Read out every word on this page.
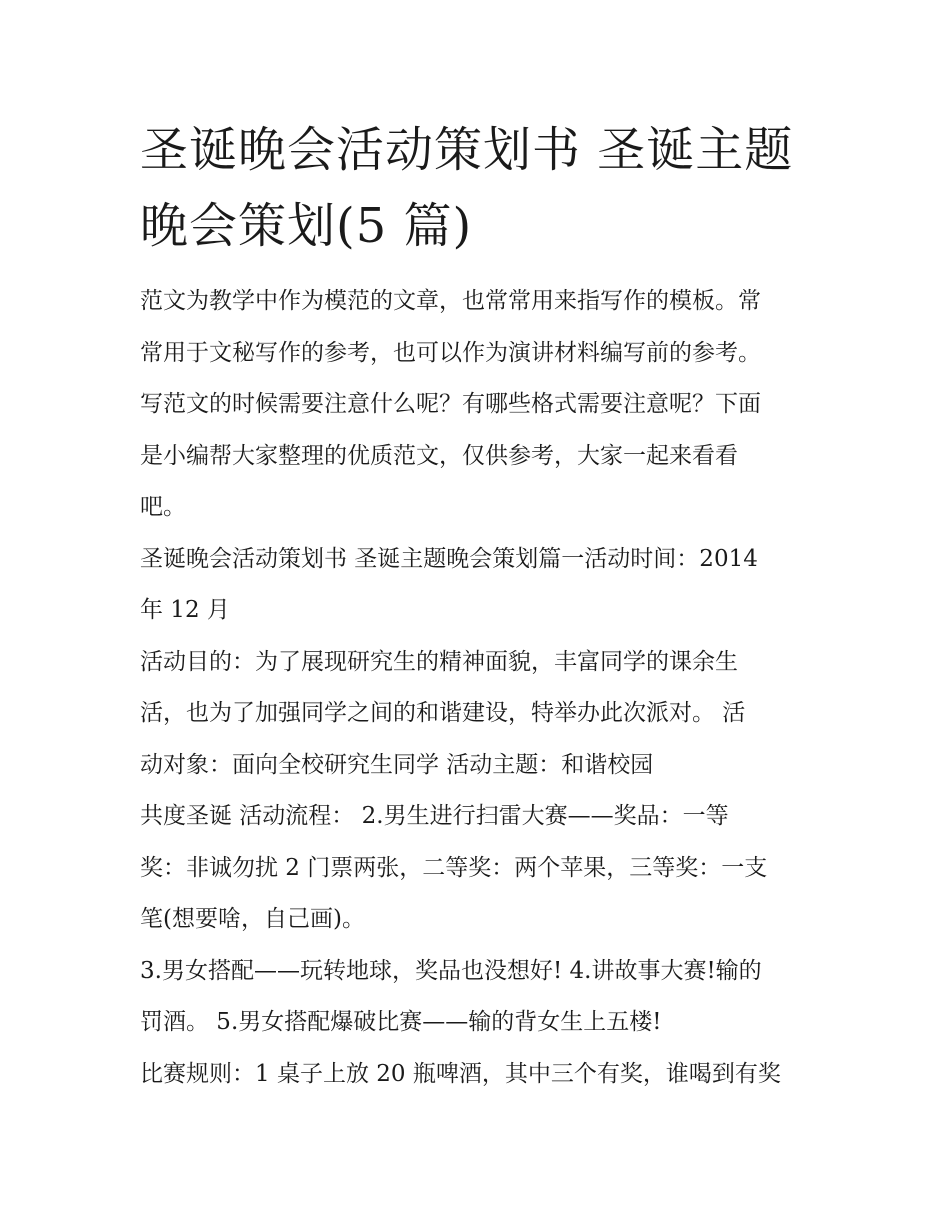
圣诞晚会活动策划书 圣诞主题
晚会策划(5 篇)
范文为教学中作为模范的文章，也常常用来指写作的模板。常
常用于文秘写作的参考，也可以作为演讲材料编写前的参考。
写范文的时候需要注意什么呢？有哪些格式需要注意呢？下面
是小编帮大家整理的优质范文，仅供参考，大家一起来看看
吧。
圣诞晚会活动策划书 圣诞主题晚会策划篇一活动时间：2014
年 12 月
活动目的：为了展现研究生的精神面貌，丰富同学的课余生
活，也为了加强同学之间的和谐建设，特举办此次派对。 活
动对象：面向全校研究生同学 活动主题：和谐校园
共度圣诞 活动流程： 2.男生进行扫雷大赛——奖品：一等
奖：非诚勿扰 2 门票两张，二等奖：两个苹果，三等奖：一支
笔(想要啥，自己画)。
3.男女搭配——玩转地球，奖品也没想好! 4.讲故事大赛!输的
罚酒。 5.男女搭配爆破比赛——输的背女生上五楼!
比赛规则：1 桌子上放 20 瓶啤酒，其中三个有奖，谁喝到有奖
